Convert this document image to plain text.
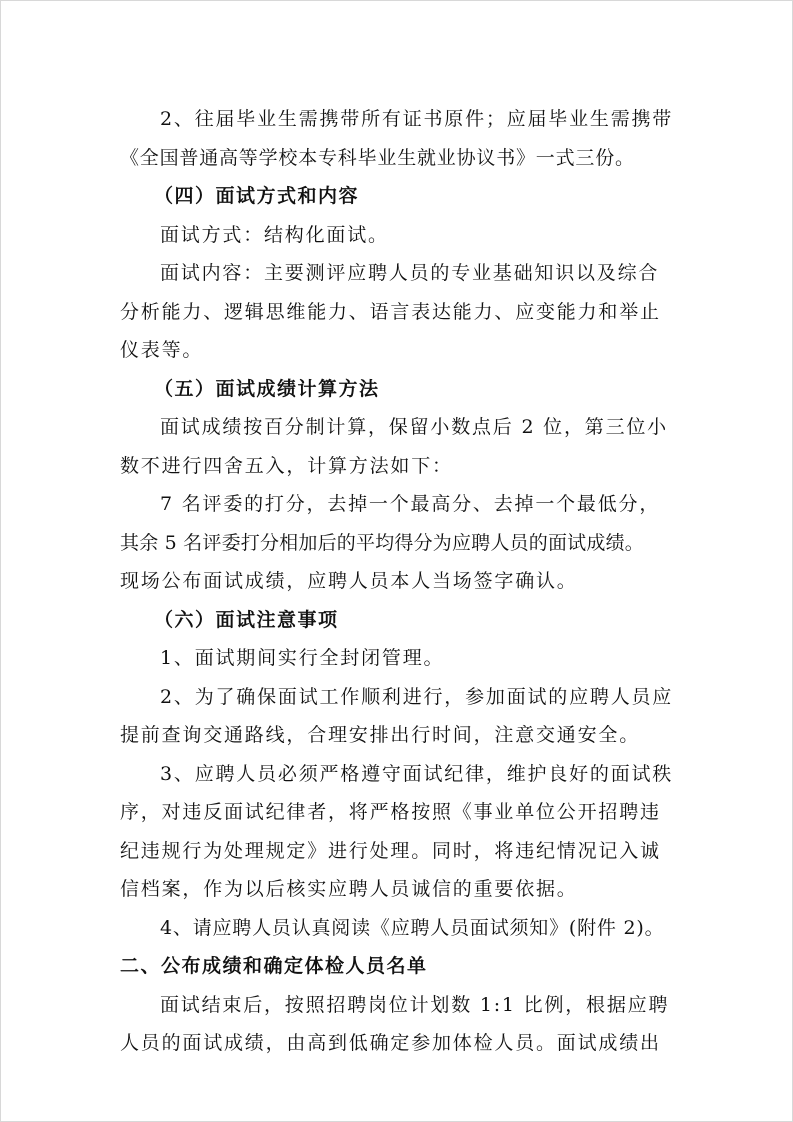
2、往届毕业生需携带所有证书原件；应届毕业生需携带
《全国普通高等学校本专科毕业生就业协议书》一式三份。
（四）面试方式和内容
面试方式：结构化面试。
面试内容：主要测评应聘人员的专业基础知识以及综合
分析能力、逻辑思维能力、语言表达能力、应变能力和举止
仪表等。
（五）面试成绩计算方法
面试成绩按百分制计算，保留小数点后 2 位，第三位小
数不进行四舍五入，计算方法如下：
7 名评委的打分，去掉一个最高分、去掉一个最低分，
其余 5 名评委打分相加后的平均得分为应聘人员的面试成绩。
现场公布面试成绩，应聘人员本人当场签字确认。
（六）面试注意事项
1、面试期间实行全封闭管理。
2、为了确保面试工作顺利进行，参加面试的应聘人员应
提前查询交通路线，合理安排出行时间，注意交通安全。
3、应聘人员必须严格遵守面试纪律，维护良好的面试秩
序，对违反面试纪律者，将严格按照《事业单位公开招聘违
纪违规行为处理规定》进行处理。同时，将违纪情况记入诚
信档案，作为以后核实应聘人员诚信的重要依据。
4、请应聘人员认真阅读《应聘人员面试须知》(附件 2)。
二、公布成绩和确定体检人员名单
面试结束后，按照招聘岗位计划数 1:1 比例，根据应聘
人员的面试成绩，由高到低确定参加体检人员。面试成绩出
